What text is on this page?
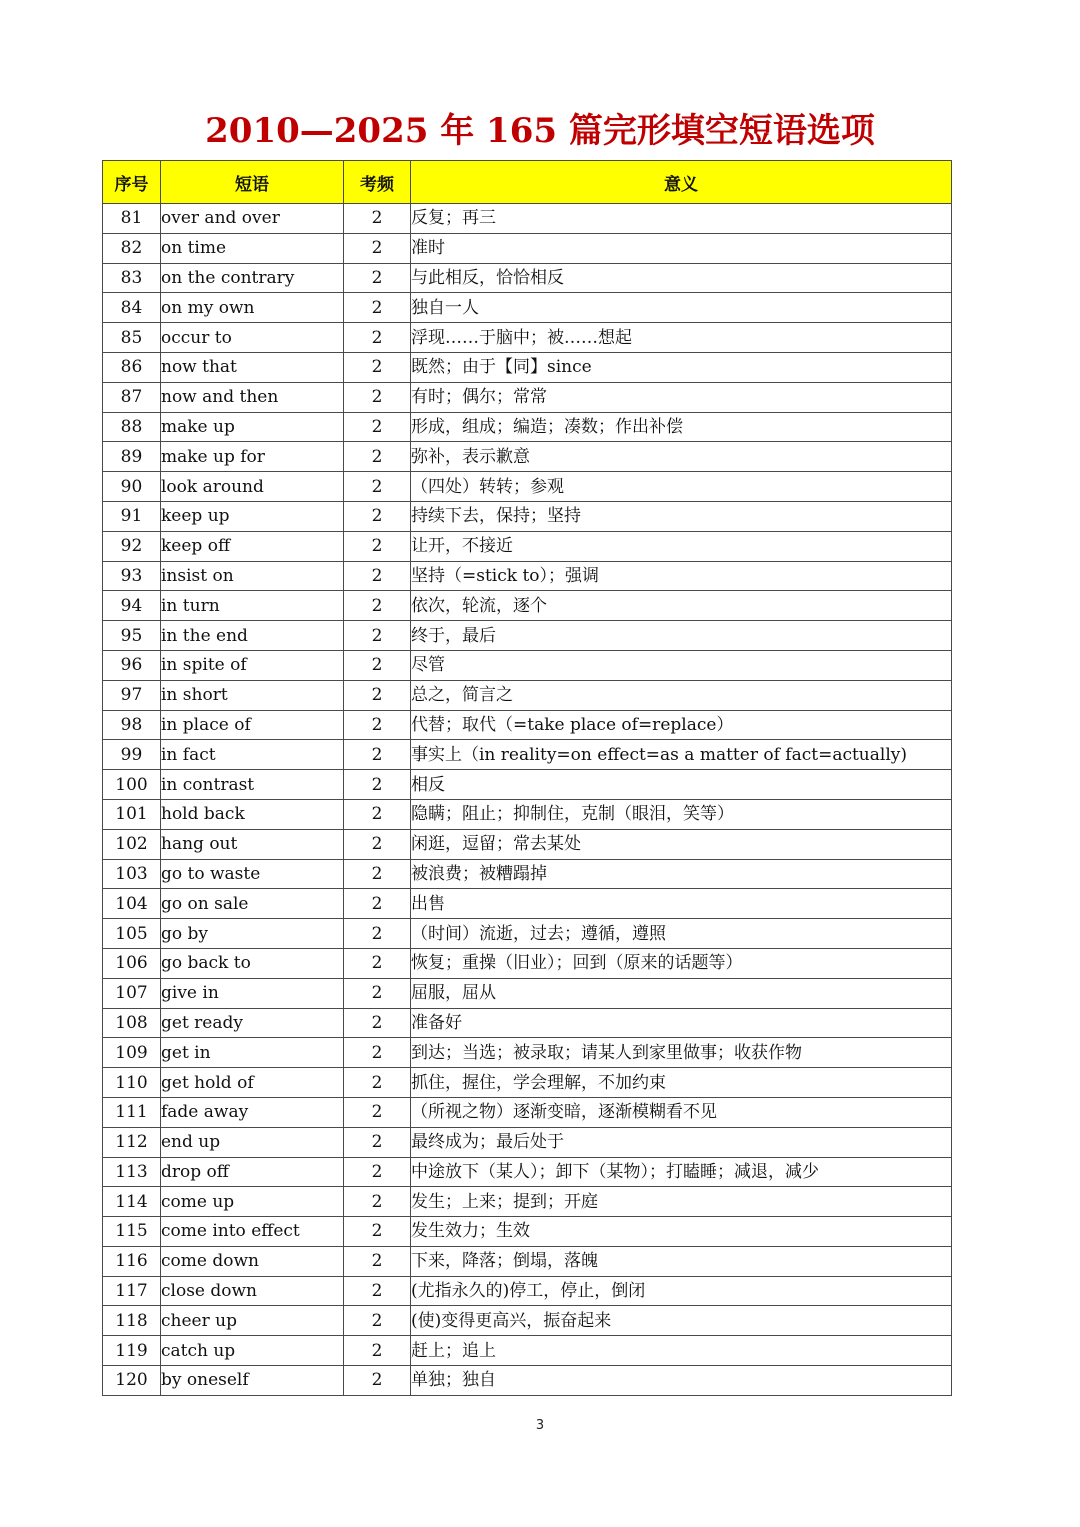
2010—2025 年 165 篇完形填空短语选项
序号	短语	考频	意义
81	over and over	2	反复；再三
82	on time	2	准时
83	on the contrary	2	与此相反，恰恰相反
84	on my own	2	独自一人
85	occur to	2	浮现……于脑中；被……想起
86	now that	2	既然；由于【同】since
87	now and then	2	有时；偶尔；常常
88	make up	2	形成，组成；编造；凑数；作出补偿
89	make up for	2	弥补，表示歉意
90	look around	2	（四处）转转；参观
91	keep up	2	持续下去，保持；坚持
92	keep off	2	让开，不接近
93	insist on	2	坚持（=stick to）；强调
94	in turn	2	依次，轮流，逐个
95	in the end	2	终于，最后
96	in spite of	2	尽管
97	in short	2	总之，简言之
98	in place of	2	代替；取代（=take place of=replace）
99	in fact	2	事实上（in reality=on effect=as a matter of fact=actually)
100	in contrast	2	相反
101	hold back	2	隐瞒；阻止；抑制住，克制（眼泪，笑等）
102	hang out	2	闲逛，逗留；常去某处
103	go to waste	2	被浪费；被糟蹋掉
104	go on sale	2	出售
105	go by	2	（时间）流逝，过去；遵循，遵照
106	go back to	2	恢复；重操（旧业）；回到（原来的话题等）
107	give in	2	屈服，屈从
108	get ready	2	准备好
109	get in	2	到达；当选；被录取；请某人到家里做事；收获作物
110	get hold of	2	抓住，握住，学会理解，不加约束
111	fade away	2	（所视之物）逐渐变暗，逐渐模糊看不见
112	end up	2	最终成为；最后处于
113	drop off	2	中途放下（某人）；卸下（某物）；打瞌睡；减退，减少
114	come up	2	发生；上来；提到；开庭
115	come into effect	2	发生效力；生效
116	come down	2	下来，降落；倒塌，落魄
117	close down	2	(尤指永久的)停工，停止，倒闭
118	cheer up	2	(使)变得更高兴，振奋起来
119	catch up	2	赶上；追上
120	by oneself	2	单独；独自
3
